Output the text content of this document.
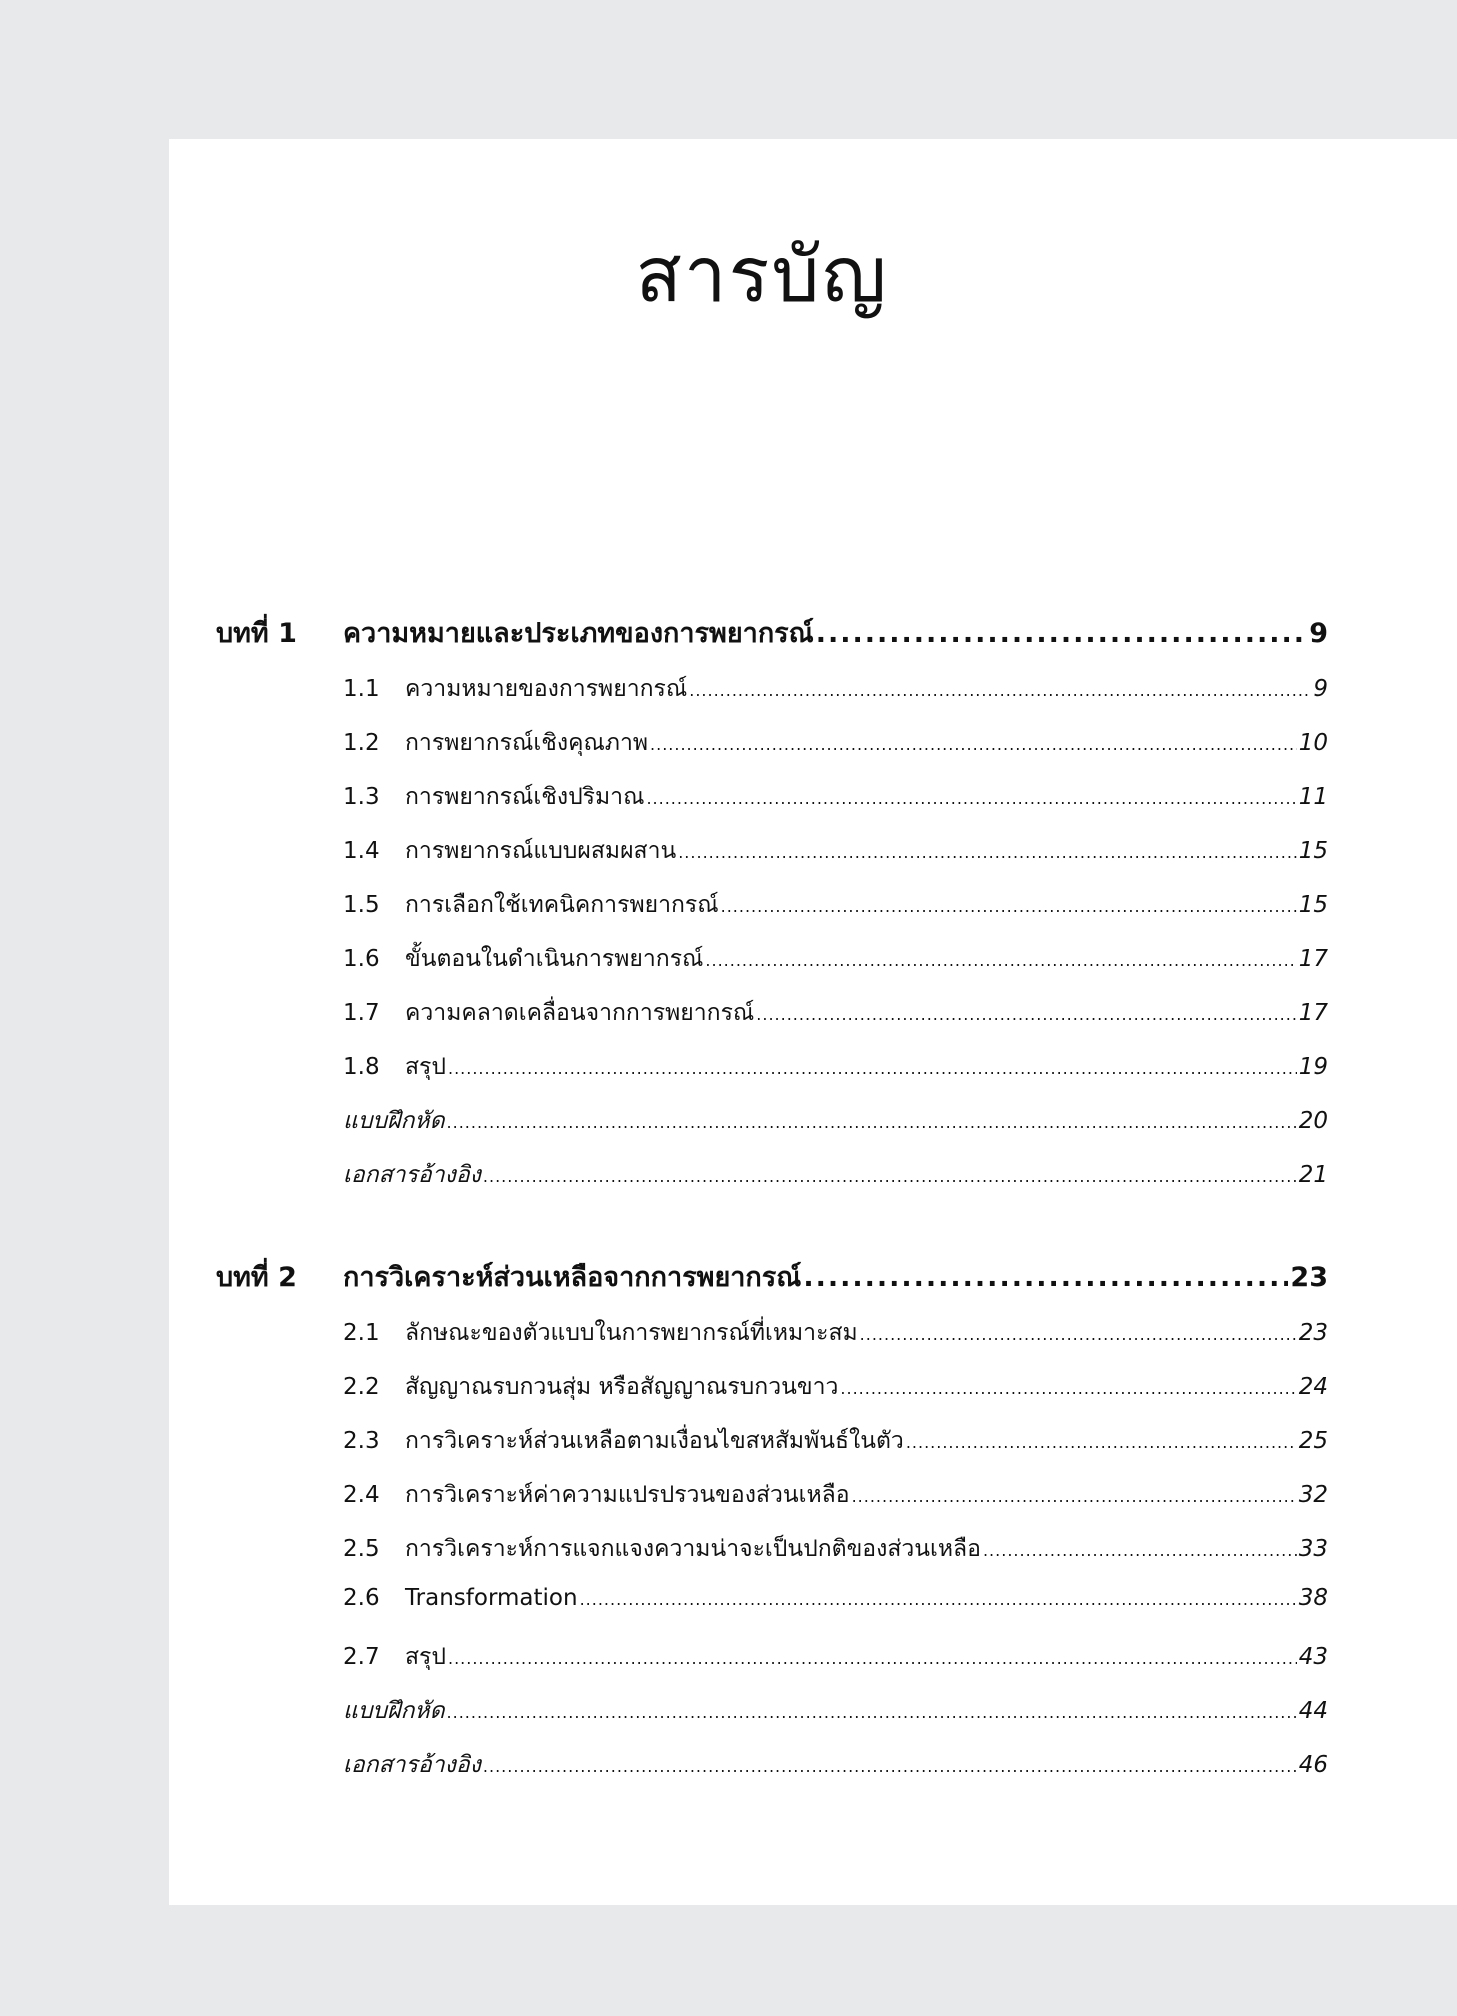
สารบัญ
บทที่ 1	ความหมายและประเภทของการพยากรณ์ .....	9
1.1	ความหมายของการพยากรณ์ .....	9
1.2	การพยากรณ์เชิงคุณภาพ .....	10
1.3	การพยากรณ์เชิงปริมาณ .....	11
1.4	การพยากรณ์แบบผสมผสาน .....	15
1.5	การเลือกใช้เทคนิคการพยากรณ์ .....	15
1.6	ขั้นตอนในดำเนินการพยากรณ์ .....	17
1.7	ความคลาดเคลื่อนจากการพยากรณ์ .....	17
1.8	สรุป .....	19
แบบฝึกหัด .....	20
เอกสารอ้างอิง .....	21
บทที่ 2	การวิเคราะห์ส่วนเหลือจากการพยากรณ์ .....	23
2.1	ลักษณะของตัวแบบในการพยากรณ์ที่เหมาะสม .....	23
2.2	สัญญาณรบกวนสุ่ม หรือสัญญาณรบกวนขาว .....	24
2.3	การวิเคราะห์ส่วนเหลือตามเงื่อนไขสหสัมพันธ์ในตัว .....	25
2.4	การวิเคราะห์ค่าความแปรปรวนของส่วนเหลือ .....	32
2.5	การวิเคราะห์การแจกแจงความน่าจะเป็นปกติของส่วนเหลือ .....	33
2.6	Transformation .....	38
2.7	สรุป .....	43
แบบฝึกหัด .....	44
เอกสารอ้างอิง .....	46
